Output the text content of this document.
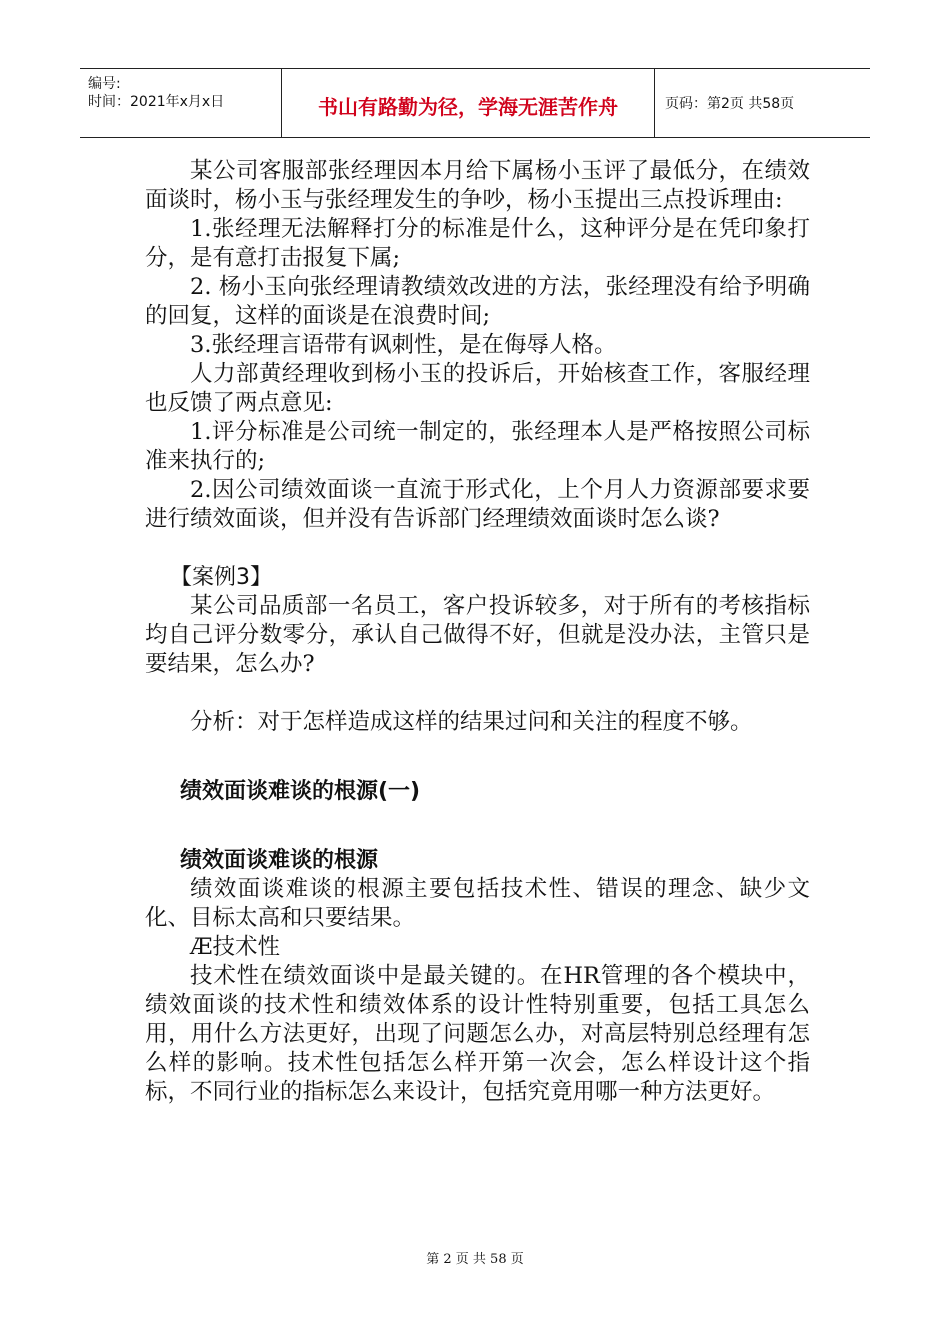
编号:
时间：2021年x月x日	书山有路勤为径，学海无涯苦作舟	页码：第2页 共58页

某公司客服部张经理因本月给下属杨小玉评了最低分，在绩效面谈时，杨小玉与张经理发生的争吵，杨小玉提出三点投诉理由:

1.张经理无法解释打分的标准是什么，这种评分是在凭印象打分，是有意打击报复下属;

2. 杨小玉向张经理请教绩效改进的方法，张经理没有给予明确的回复，这样的面谈是在浪费时间;

3.张经理言语带有讽刺性，是在侮辱人格。

人力部黄经理收到杨小玉的投诉后，开始核查工作，客服经理也反馈了两点意见:

1.评分标准是公司统一制定的，张经理本人是严格按照公司标准来执行的;

2.因公司绩效面谈一直流于形式化，上个月人力资源部要求要进行绩效面谈，但并没有告诉部门经理绩效面谈时怎么谈?

【案例3】

某公司品质部一名员工，客户投诉较多，对于所有的考核指标均自己评分数零分，承认自己做得不好，但就是没办法，主管只是要结果，怎么办?

分析：对于怎样造成这样的结果过问和关注的程度不够。

绩效面谈难谈的根源(一)

绩效面谈难谈的根源

绩效面谈难谈的根源主要包括技术性、错误的理念、缺少文化、目标太高和只要结果。

Æ技术性

技术性在绩效面谈中是最关键的。在HR管理的各个模块中，绩效面谈的技术性和绩效体系的设计性特别重要，包括工具怎么用，用什么方法更好，出现了问题怎么办，对高层特别总经理有怎么样的影响。技术性包括怎么样开第一次会，怎么样设计这个指标，不同行业的指标怎么来设计，包括究竟用哪一种方法更好。

第 2 页 共 58 页
